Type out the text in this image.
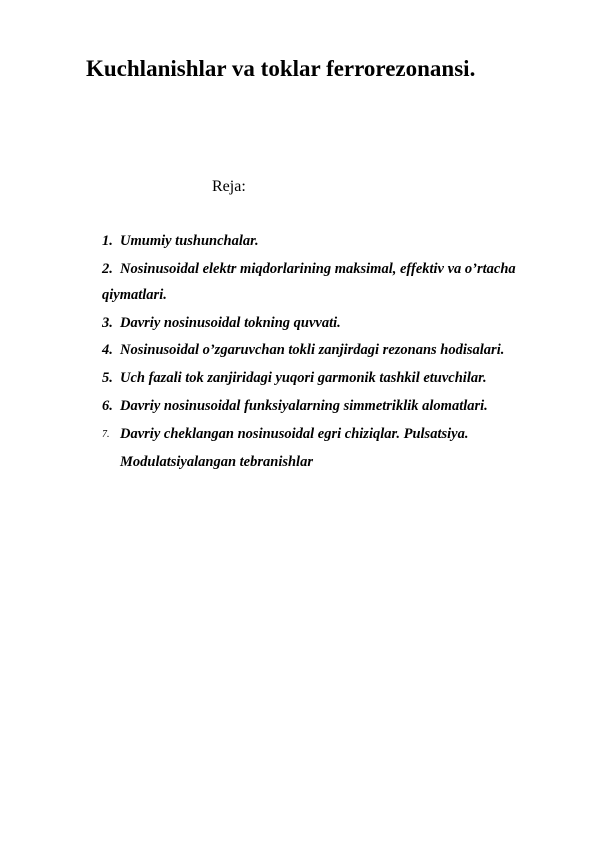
Kuchlanishlar va toklar ferrorezonansi.
Reja:
1. Umumiy tushunchalar.
2. Nosinusoidal elektr miqdorlarining maksimal, effektiv va o’rtacha
qiymatlari.
3. Davriy nosinusoidal tokning quvvati.
4. Nosinusoidal o’zgaruvchan tokli zanjirdagi rezonans hodisalari.
5. Uch fazali tok zanjiridagi yuqori garmonik tashkil etuvchilar.
6. Davriy nosinusoidal funksiyalarning simmetriklik alomatlari.
7. Davriy cheklangan nosinusoidal egri chiziqlar. Pulsatsiya.
Modulatsiyalangan tebranishlar
